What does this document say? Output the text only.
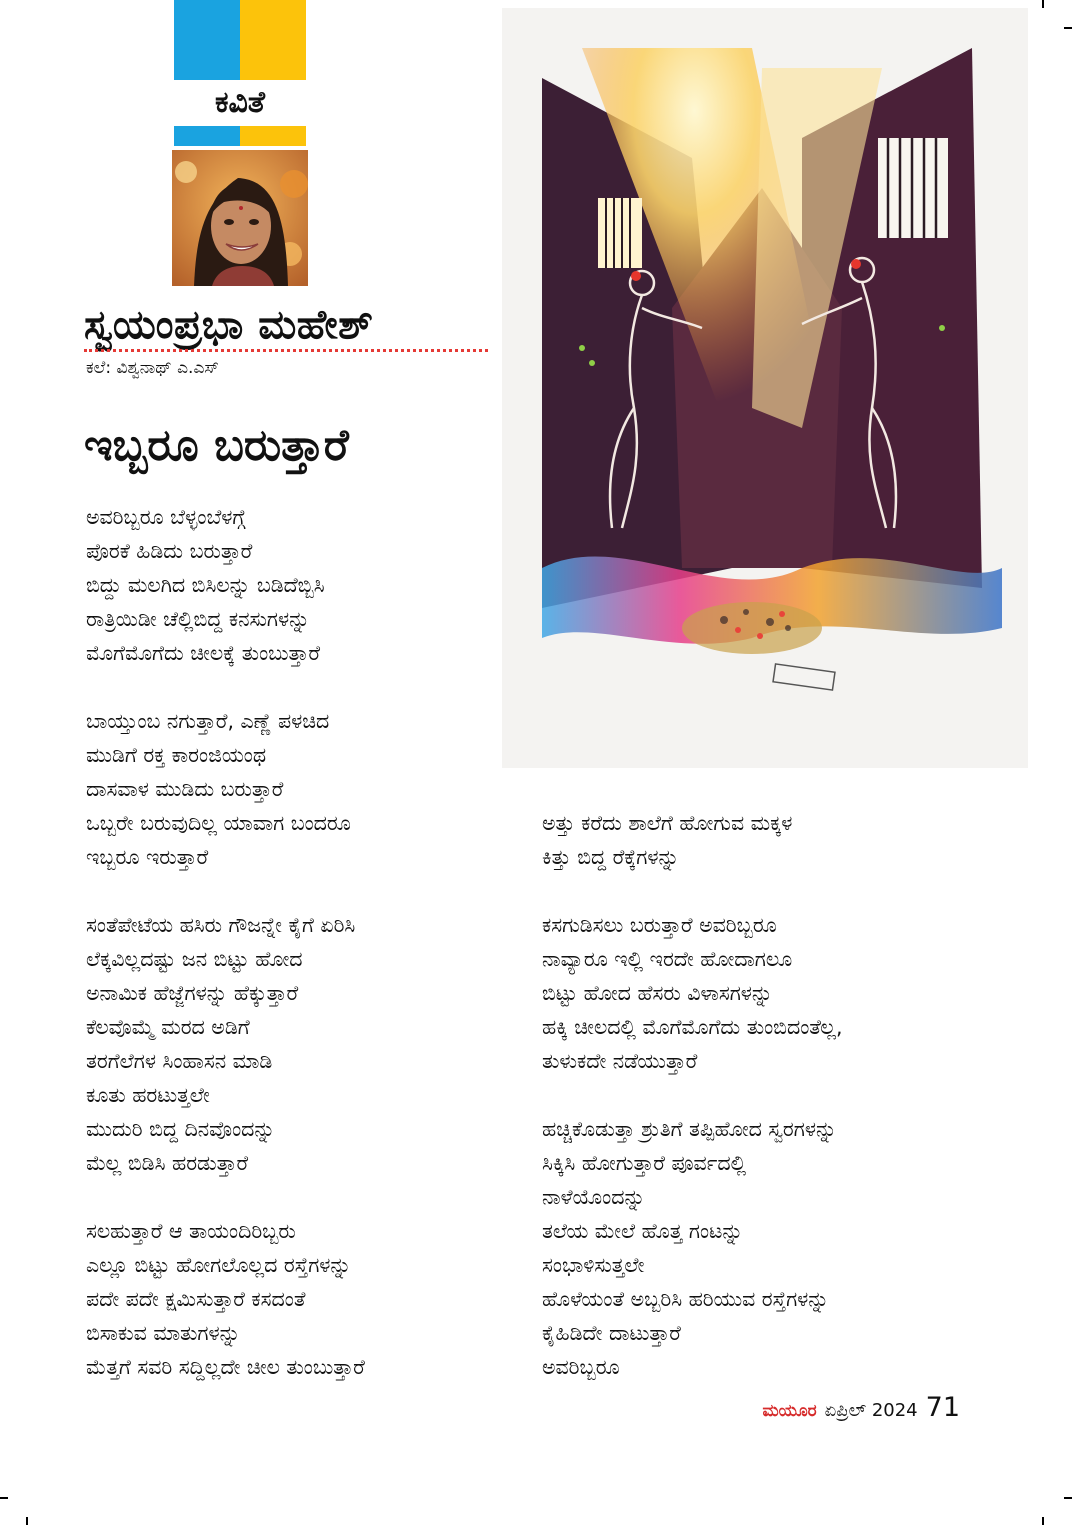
ಕವಿತೆ
ಸ್ವಯಂಪ್ರಭಾ ಮಹೇಶ್
ಕಲೆ: ವಿಶ್ವನಾಥ್ ಎ.ಎಸ್‌
ಇಬ್ಬರೂ ಬರುತ್ತಾರೆ
ಅವರಿಬ್ಬರೂ ಬೆಳ್ಳಂಬೆಳಗ್ಗೆ
ಪೊರಕೆ ಹಿಡಿದು ಬರುತ್ತಾರೆ
ಬಿದ್ದು ಮಲಗಿದ ಬಿಸಿಲನ್ನು ಬಡಿದೆಬ್ಬಿಸಿ
ರಾತ್ರಿಯಿಡೀ ಚೆಲ್ಲಿಬಿದ್ದ ಕನಸುಗಳನ್ನು
ಮೊಗೆಮೊಗೆದು ಚೀಲಕ್ಕೆ ತುಂಬುತ್ತಾರೆ
ಬಾಯ್ತುಂಬ ನಗುತ್ತಾರೆ, ಎಣ್ಣೆ ಪಳಚಿದ
ಮುಡಿಗೆ ರಕ್ತ ಕಾರಂಜಿಯಂಥ
ದಾಸವಾಳ ಮುಡಿದು ಬರುತ್ತಾರೆ
ಒಬ್ಬರೇ ಬರುವುದಿಲ್ಲ ಯಾವಾಗ ಬಂದರೂ
ಇಬ್ಬರೂ ಇರುತ್ತಾರೆ
ಸಂತೆಪೇಟೆಯ ಹಸಿರು ಗೌಜನ್ನೇ ಕೈಗೆ ಏರಿಸಿ
ಲೆಕ್ಕವಿಲ್ಲದಷ್ಟು ಜನ ಬಿಟ್ಟು ಹೋದ
ಅನಾಮಿಕ ಹೆಜ್ಜೆಗಳನ್ನು ಹೆಕ್ಕುತ್ತಾರೆ
ಕೆಲವೊಮ್ಮೆ ಮರದ ಅಡಿಗೆ
ತರಗೆಲೆಗಳ ಸಿಂಹಾಸನ ಮಾಡಿ
ಕೂತು ಹರಟುತ್ತಲೇ
ಮುದುರಿ ಬಿದ್ದ ದಿನವೊಂದನ್ನು
ಮೆಲ್ಲ ಬಿಡಿಸಿ ಹರಡುತ್ತಾರೆ
ಸಲಹುತ್ತಾರೆ ಆ ತಾಯಂದಿರಿಬ್ಬರು
ಎಲ್ಲೂ ಬಿಟ್ಟು ಹೋಗಲೊಲ್ಲದ ರಸ್ತೆಗಳನ್ನು
ಪದೇ ಪದೇ ಕ್ಷಮಿಸುತ್ತಾರೆ ಕಸದಂತೆ
ಬಿಸಾಕುವ ಮಾತುಗಳನ್ನು
ಮೆತ್ತಗೆ ಸವರಿ ಸದ್ದಿಲ್ಲದೇ ಚೀಲ ತುಂಬುತ್ತಾರೆ
ಅತ್ತು ಕರೆದು ಶಾಲೆಗೆ ಹೋಗುವ ಮಕ್ಕಳ
ಕಿತ್ತು ಬಿದ್ದ ರೆಕ್ಕೆಗಳನ್ನು
ಕಸಗುಡಿಸಲು ಬರುತ್ತಾರೆ ಅವರಿಬ್ಬರೂ
ನಾವ್ಯಾರೂ ಇಲ್ಲಿ ಇರದೇ ಹೋದಾಗಲೂ
ಬಿಟ್ಟು ಹೋದ ಹೆಸರು ವಿಳಾಸಗಳನ್ನು
ಹಕ್ಕಿ ಚೀಲದಲ್ಲಿ ಮೊಗೆಮೊಗೆದು ತುಂಬಿದಂತೆಲ್ಲ,
ತುಳುಕದೇ ನಡೆಯುತ್ತಾರೆ
ಹಚ್ಚಿಕೊಡುತ್ತಾ ಶ್ರುತಿಗೆ ತಪ್ಪಿಹೋದ ಸ್ವರಗಳನ್ನು
ಸಿಕ್ಕಿಸಿ ಹೋಗುತ್ತಾರೆ ಪೂರ್ವದಲ್ಲಿ
ನಾಳೆಯೊಂದನ್ನು
ತಲೆಯ ಮೇಲೆ ಹೊತ್ತ ಗಂಟನ್ನು
ಸಂಭಾಳಿಸುತ್ತಲೇ
ಹೊಳೆಯಂತೆ ಅಬ್ಬರಿಸಿ ಹರಿಯುವ ರಸ್ತೆಗಳನ್ನು
ಕೈಹಿಡಿದೇ ದಾಟುತ್ತಾರೆ
ಅವರಿಬ್ಬರೂ
ಮಯೂರ ಏಪ್ರಿಲ್ 2024 71
